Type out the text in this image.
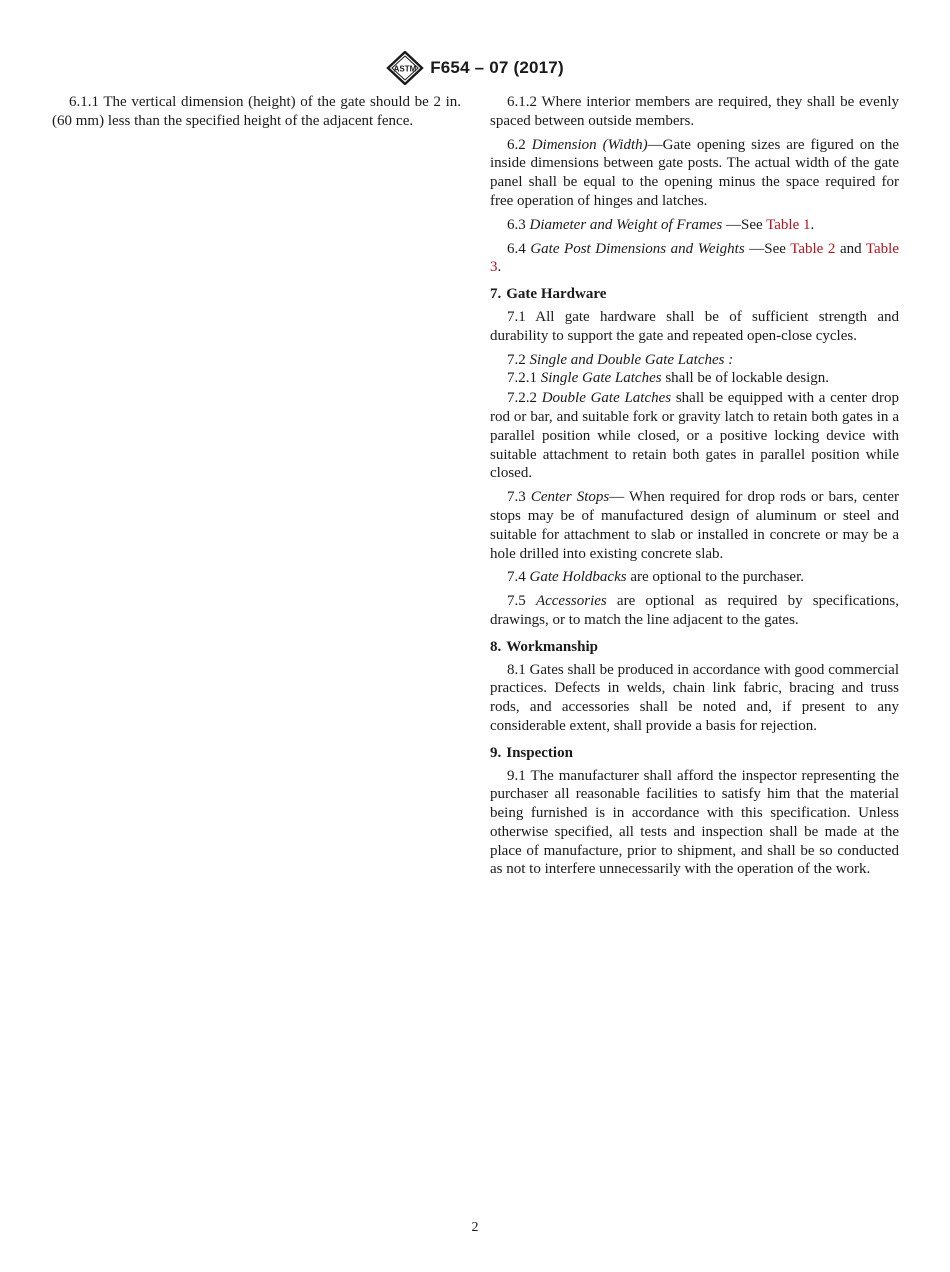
ASTM F654 – 07 (2017)

6.1.1 The vertical dimension (height) of the gate should be 2 in. (60 mm) less than the specified height of the adjacent fence.

6.1.2 Where interior members are required, they shall be evenly spaced between outside members.

6.2 Dimension (Width)—Gate opening sizes are figured on the inside dimensions between gate posts. The actual width of the gate panel shall be equal to the opening minus the space required for free operation of hinges and latches.

6.3 Diameter and Weight of Frames —See Table 1.

6.4 Gate Post Dimensions and Weights —See Table 2 and Table 3.

7. Gate Hardware

7.1 All gate hardware shall be of sufficient strength and durability to support the gate and repeated open-close cycles.

7.2 Single and Double Gate Latches :

7.2.1 Single Gate Latches shall be of lockable design.

7.2.2 Double Gate Latches shall be equipped with a center drop rod or bar, and suitable fork or gravity latch to retain both gates in a parallel position while closed, or a positive locking device with suitable attachment to retain both gates in parallel position while closed.

7.3 Center Stops— When required for drop rods or bars, center stops may be of manufactured design of aluminum or steel and suitable for attachment to slab or installed in concrete or may be a hole drilled into existing concrete slab.

7.4 Gate Holdbacks are optional to the purchaser.

7.5 Accessories are optional as required by specifications, drawings, or to match the line adjacent to the gates.

8. Workmanship

8.1 Gates shall be produced in accordance with good commercial practices. Defects in welds, chain link fabric, bracing and truss rods, and accessories shall be noted and, if present to any considerable extent, shall provide a basis for rejection.

9. Inspection

9.1 The manufacturer shall afford the inspector representing the purchaser all reasonable facilities to satisfy him that the material being furnished is in accordance with this specification. Unless otherwise specified, all tests and inspection shall be made at the place of manufacture, prior to shipment, and shall be so conducted as not to interfere unnecessarily with the operation of the work.

2
